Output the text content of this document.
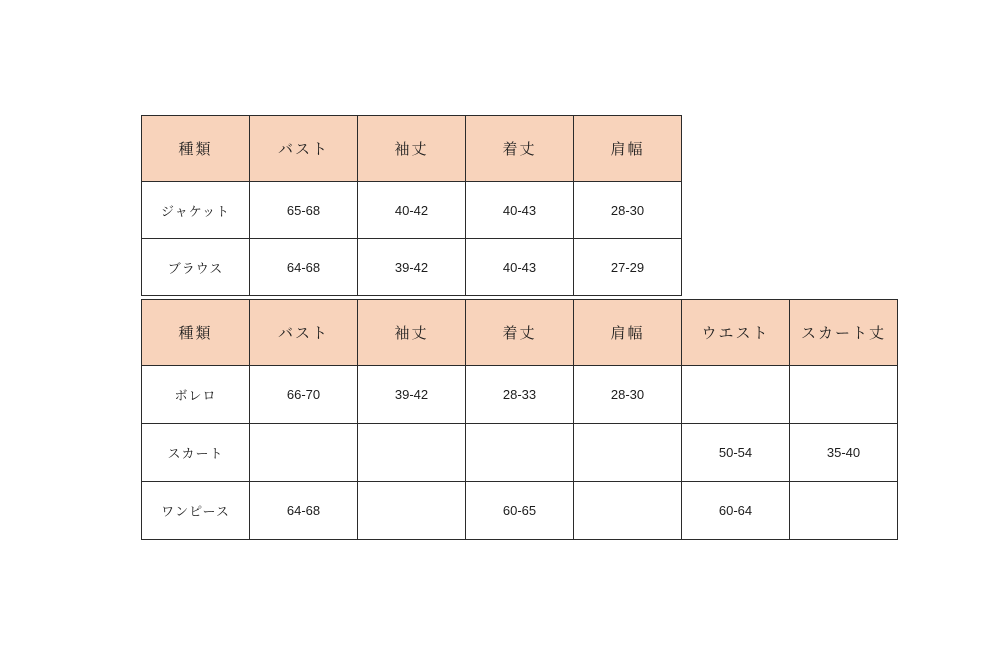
種類	バスト	袖丈	着丈	肩幅
ジャケット	65-68	40-42	40-43	28-30
ブラウス	64-68	39-42	40-43	27-29
種類	バスト	袖丈	着丈	肩幅	ウエスト	スカート丈
ボレロ	66-70	39-42	28-33	28-30		
スカート					50-54	35-40
ワンピース	64-68		60-65		60-64	
